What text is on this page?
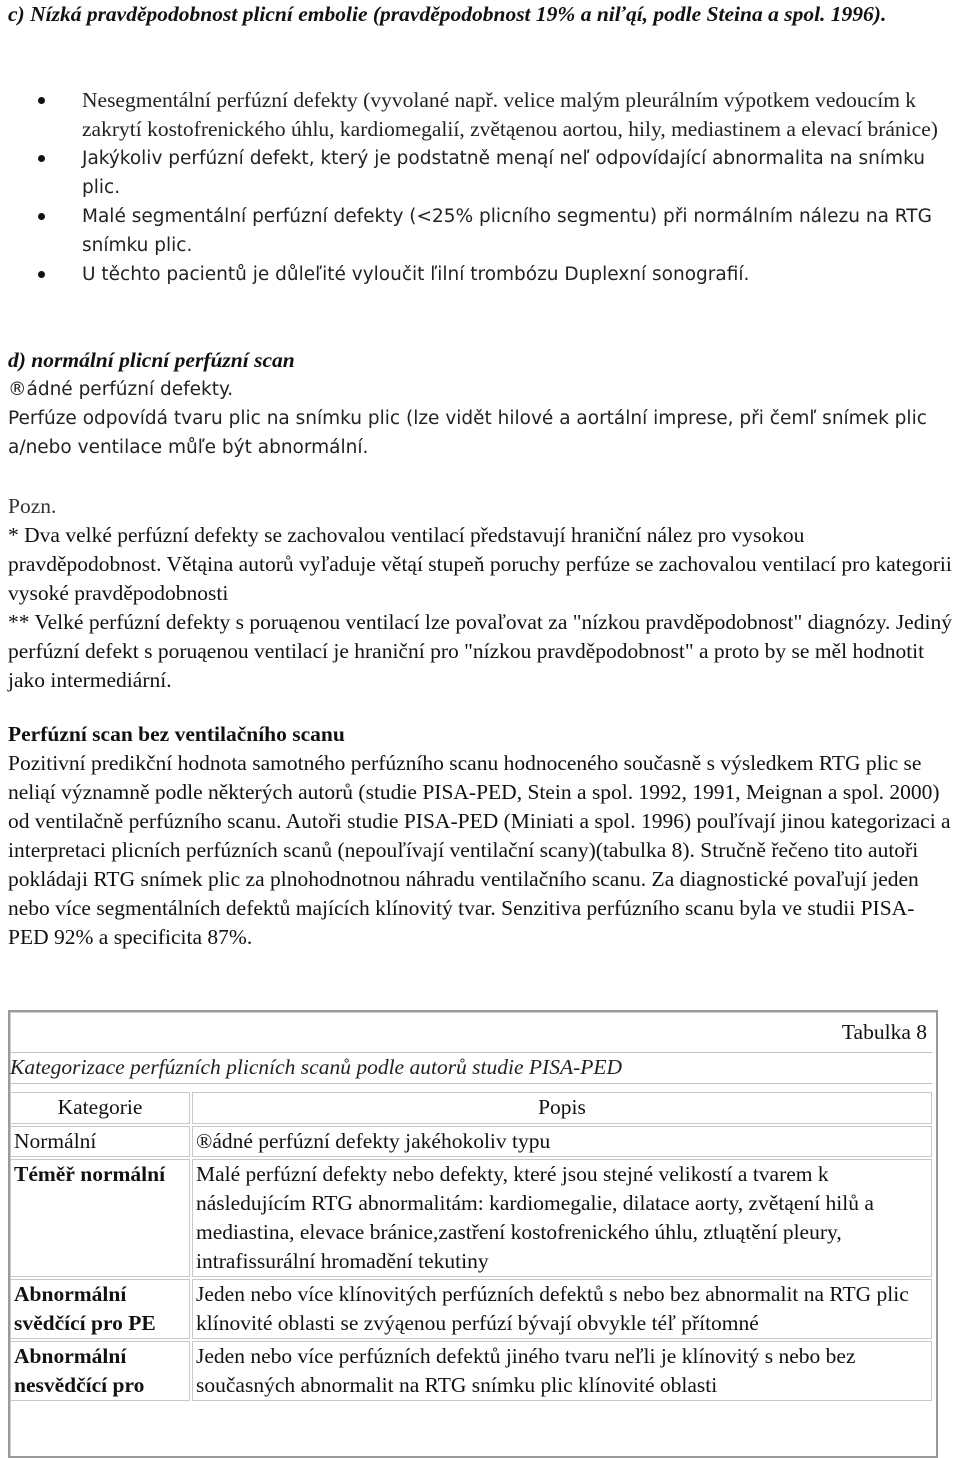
c) Nízká pravděpodobnost plicní embolie (pravděpodobnost 19% a niľąí, podle Steina a spol. 1996).

Nesegmentální perfúzní defekty (vyvolané např. velice malým pleurálním výpotkem vedoucím k zakrytí kostofrenického úhlu, kardiomegalií, zvětąenou aortou, hily, mediastinem a elevací bránice)
Jakýkoliv perfúzní defekt, který je podstatně menąí neľ odpovídající abnormalita na snímku plic.
Malé segmentální perfúzní defekty (<25% plicního segmentu) při normálním nálezu na RTG snímku plic.
U těchto pacientů je důleľité vyloučit ľilní trombózu Duplexní sonografií.

d) normální plicní perfúzní scan

®ádné perfúzní defekty.

Perfúze odpovídá tvaru plic na snímku plic (lze vidět hilové a aortální imprese, při čemľ snímek plic a/nebo ventilace můľe být abnormální.

Pozn.

* Dva velké perfúzní defekty se zachovalou ventilací představují hraniční nález pro vysokou pravděpodobnost. Větąina autorů vyľaduje větąí stupeň poruchy perfúze se zachovalou ventilací pro kategorii vysoké pravděpodobnosti

** Velké perfúzní defekty s poruąenou ventilací lze povaľovat za "nízkou pravděpodobnost" diagnózy. Jediný perfúzní defekt s poruąenou ventilací je hraniční pro "nízkou pravděpodobnost" a proto by se měl hodnotit jako intermediární.

Perfúzní scan bez ventilačního scanu

Pozitivní predikční hodnota samotného perfúzního scanu hodnoceného současně s výsledkem RTG plic se neliąí významně podle některých autorů (studie PISA-PED, Stein a spol. 1992, 1991, Meignan a spol. 2000) od ventilačně perfúzního scanu. Autoři studie PISA-PED (Miniati a spol. 1996) pouľívají jinou kategorizaci a interpretaci plicních perfúzních scanů (nepouľívají ventilační scany)(tabulka 8). Stručně řečeno tito autoři pokládaji RTG snímek plic za plnohodnotnou náhradu ventilačního scanu. Za diagnostické povaľují jeden nebo více segmentálních defektů majících klínovitý tvar. Senzitiva perfúzního scanu byla ve studii PISA-PED 92% a specificita 87%.

Tabulka 8
Kategorizace perfúzních plicních scanů podle autorů studie PISA-PED
Kategorie	Popis
Normální	®ádné perfúzní defekty jakéhokoliv typu
Téměř normální	Malé perfúzní defekty nebo defekty, které jsou stejné velikostí a tvarem k následujícím RTG abnormalitám: kardiomegalie, dilatace aorty, zvětąení hilů a mediastina, elevace bránice,zastření kostofrenického úhlu, ztluątění pleury, intrafissurální hromadění tekutiny
Abnormální svědčící pro PE	Jeden nebo více klínovitých perfúzních defektů s nebo bez abnormalit na RTG plic klínovité oblasti se zvýąenou perfúzí bývají obvykle téľ přítomné
Abnormální nesvědčící pro	Jeden nebo více perfúzních defektů jiného tvaru neľli je klínovitý s nebo bez současných abnormalit na RTG snímku plic klínovité oblasti
